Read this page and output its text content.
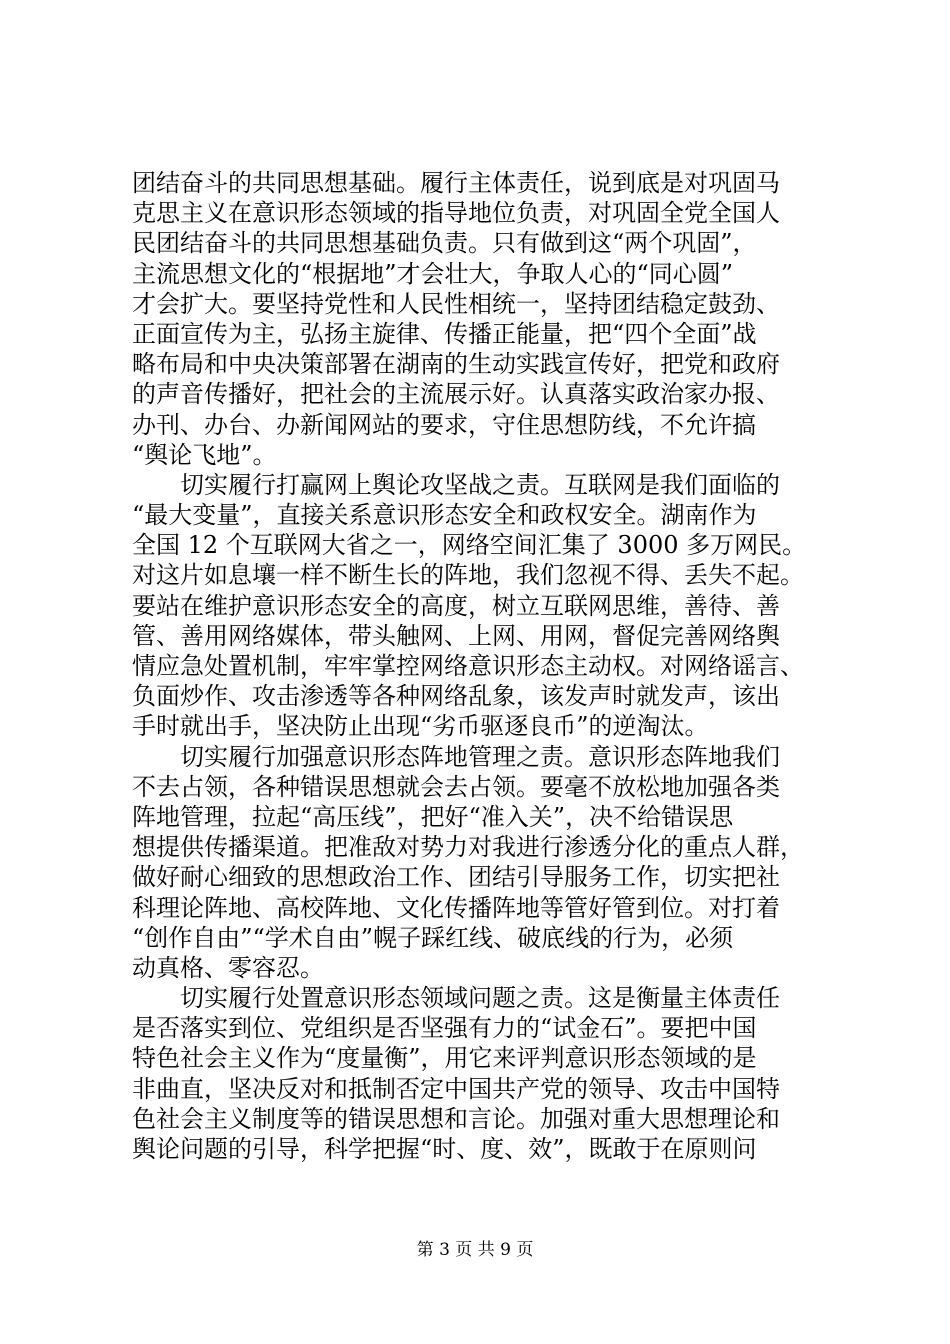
团结奋斗的共同思想基础。履行主体责任，说到底是对巩固马
克思主义在意识形态领域的指导地位负责，对巩固全党全国人
民团结奋斗的共同思想基础负责。只有做到这“两个巩固”，
主流思想文化的“根据地”才会壮大，争取人心的“同心圆”
才会扩大。要坚持党性和人民性相统一，坚持团结稳定鼓劲、
正面宣传为主，弘扬主旋律、传播正能量，把“四个全面”战
略布局和中央决策部署在湖南的生动实践宣传好，把党和政府
的声音传播好，把社会的主流展示好。认真落实政治家办报、
办刊、办台、办新闻网站的要求，守住思想防线，不允许搞
“舆论飞地”。
　　切实履行打赢网上舆论攻坚战之责。互联网是我们面临的
“最大变量”，直接关系意识形态安全和政权安全。湖南作为
全国 12 个互联网大省之一，网络空间汇集了 3000 多万网民。
对这片如息壤一样不断生长的阵地，我们忽视不得、丢失不起。
要站在维护意识形态安全的高度，树立互联网思维，善待、善
管、善用网络媒体，带头触网、上网、用网，督促完善网络舆
情应急处置机制，牢牢掌控网络意识形态主动权。对网络谣言、
负面炒作、攻击渗透等各种网络乱象，该发声时就发声，该出
手时就出手，坚决防止出现“劣币驱逐良币”的逆淘汰。
　　切实履行加强意识形态阵地管理之责。意识形态阵地我们
不去占领，各种错误思想就会去占领。要毫不放松地加强各类
阵地管理，拉起“高压线”，把好“准入关”，决不给错误思
想提供传播渠道。把准敌对势力对我进行渗透分化的重点人群，
做好耐心细致的思想政治工作、团结引导服务工作，切实把社
科理论阵地、高校阵地、文化传播阵地等管好管到位。对打着
“创作自由”“学术自由”幌子踩红线、破底线的行为，必须
动真格、零容忍。
　　切实履行处置意识形态领域问题之责。这是衡量主体责任
是否落实到位、党组织是否坚强有力的“试金石”。要把中国
特色社会主义作为“度量衡”，用它来评判意识形态领域的是
非曲直，坚决反对和抵制否定中国共产党的领导、攻击中国特
色社会主义制度等的错误思想和言论。加强对重大思想理论和
舆论问题的引导，科学把握“时、度、效”，既敢于在原则问
第 3 页 共 9 页
